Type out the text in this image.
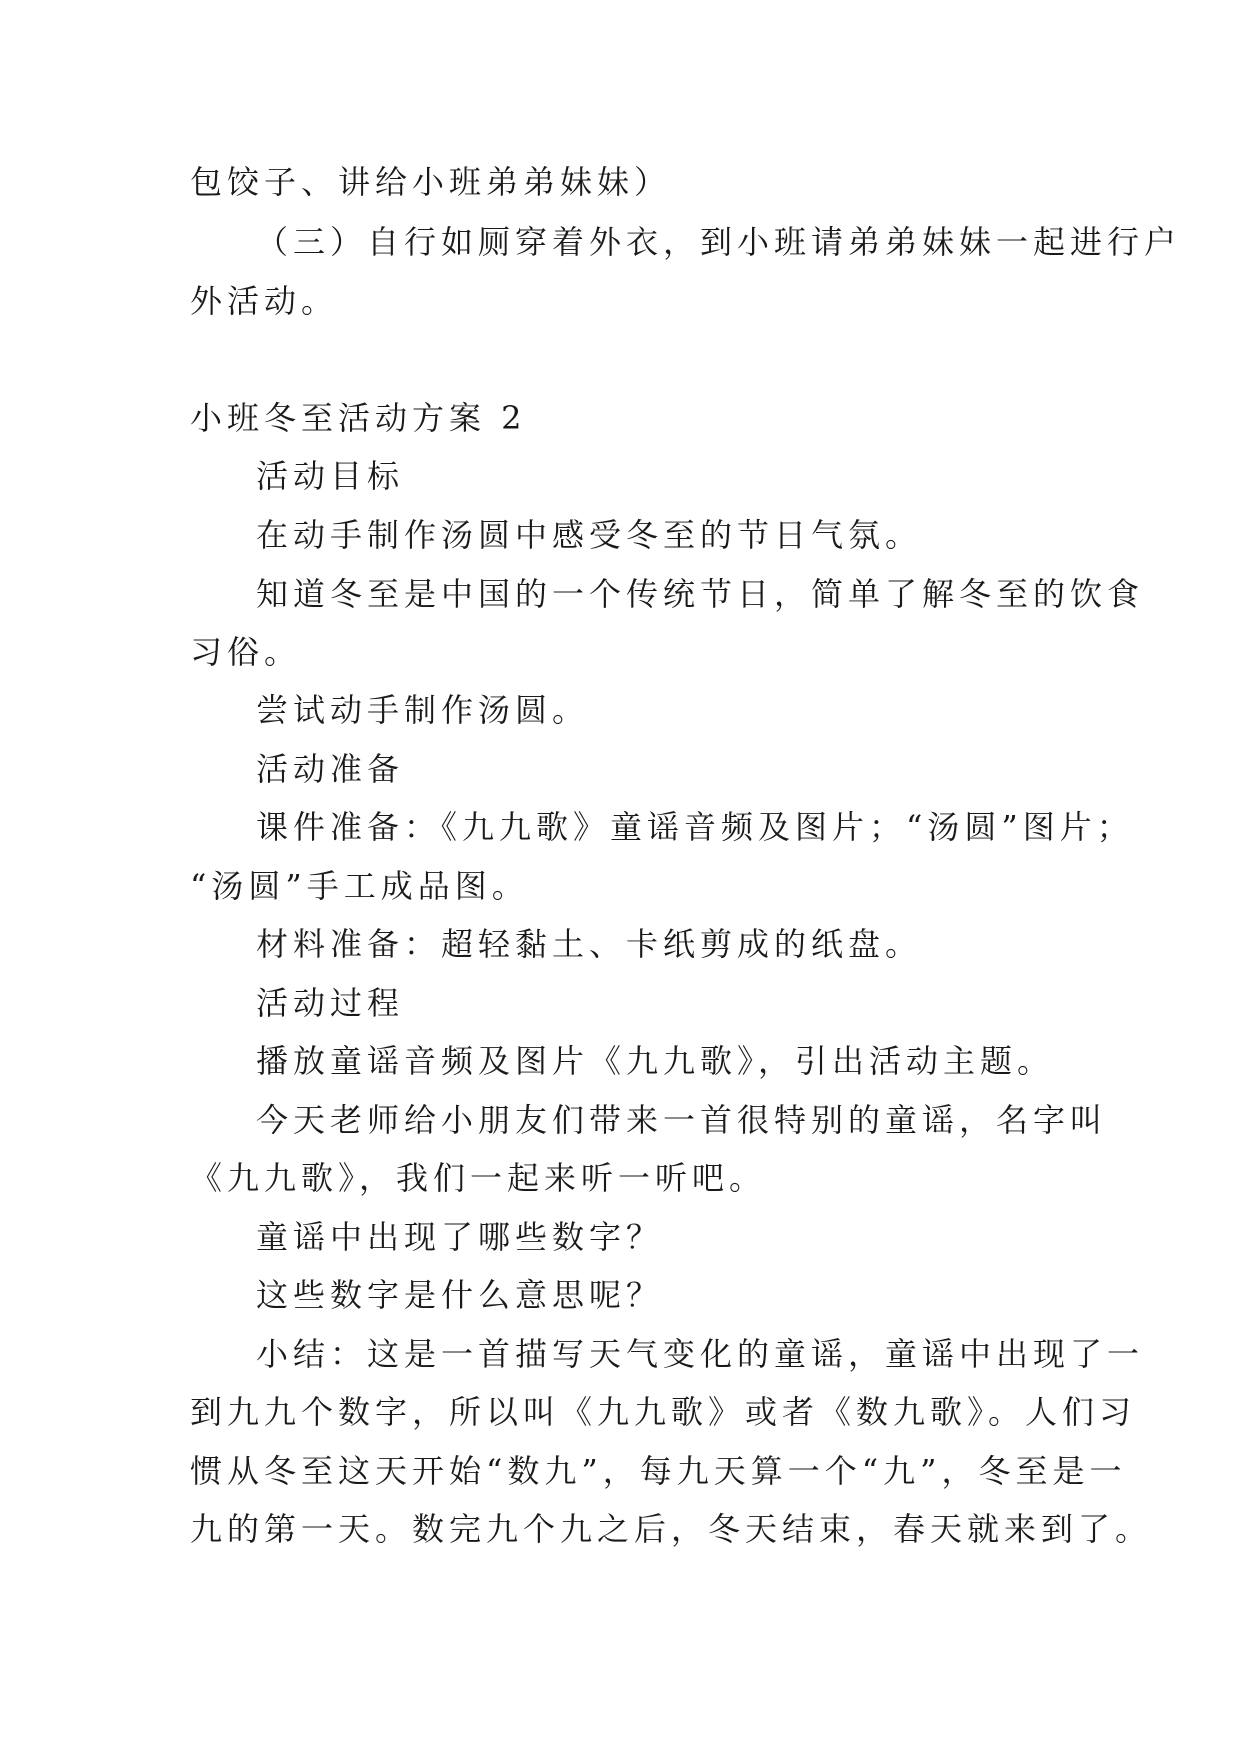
包饺子、讲给小班弟弟妹妹）

（三）自行如厕穿着外衣，到小班请弟弟妹妹一起进行户

外活动。

小班冬至活动方案 2

活动目标

在动手制作汤圆中感受冬至的节日气氛。

知道冬至是中国的一个传统节日，简单了解冬至的饮食

习俗。

尝试动手制作汤圆。

活动准备

课件准备：《九九歌》童谣音频及图片；“汤圆”图片；

“汤圆”手工成品图。

材料准备：超轻黏土、卡纸剪成的纸盘。

活动过程

播放童谣音频及图片《九九歌》，引出活动主题。

今天老师给小朋友们带来一首很特别的童谣，名字叫

《九九歌》，我们一起来听一听吧。

童谣中出现了哪些数字？

这些数字是什么意思呢？

小结：这是一首描写天气变化的童谣，童谣中出现了一

到九九个数字，所以叫《九九歌》或者《数九歌》。人们习

惯从冬至这天开始“数九”，每九天算一个“九”，冬至是一

九的第一天。数完九个九之后，冬天结束，春天就来到了。
